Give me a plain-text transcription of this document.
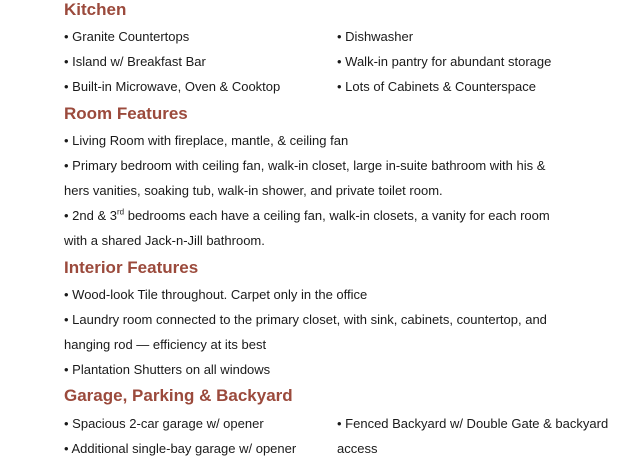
Kitchen
• Granite Countertops
• Island w/ Breakfast Bar
• Built-in Microwave, Oven & Cooktop
• Dishwasher
• Walk-in pantry for abundant storage
• Lots of Cabinets & Counterspace
Room Features
• Living Room with fireplace, mantle, & ceiling fan
• Primary bedroom with ceiling fan, walk-in closet, large in-suite bathroom with his &
hers vanities, soaking tub, walk-in shower, and private toilet room.
• 2nd & 3rd bedrooms each have a ceiling fan, walk-in closets, a vanity for each room
with a shared Jack-n-Jill bathroom.
Interior Features
• Wood-look Tile throughout. Carpet only in the office
• Laundry room connected to the primary closet, with sink, cabinets, countertop, and
hanging rod — efficiency at its best
• Plantation Shutters on all windows
Garage, Parking & Backyard
• Spacious 2-car garage w/ opener
• Additional single-bay garage w/ opener
• Fenced Backyard w/ Double Gate & backyard
access
